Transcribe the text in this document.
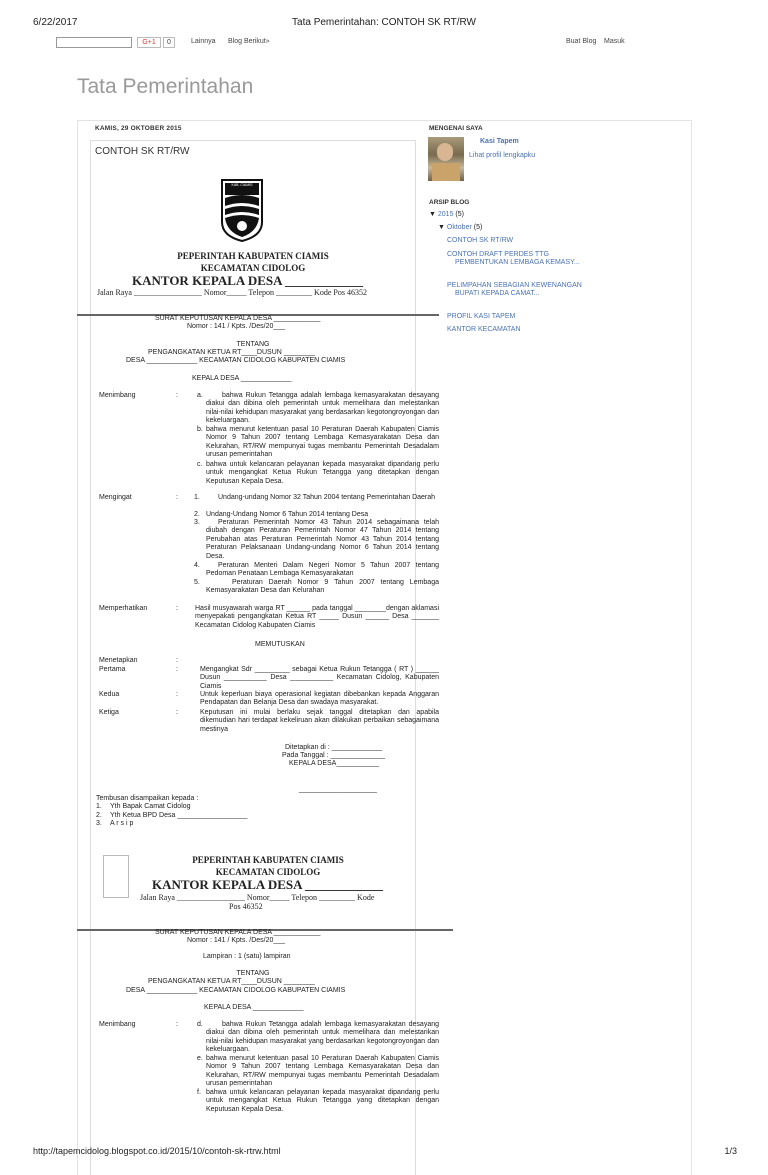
6/22/2017	Tata Pemerintahan: CONTOH SK RT/RW
G+1	0	Lainnya Blog Berikut»	Buat Blog Masuk
Tata Pemerintahan
KAMIS, 29 OKTOBER 2015
CONTOH SK RT/RW
MENGENAI SAYA
Kasi Tapem
Lihat profil lengkapku
ARSIP BLOG
▼ 2015 (5)
▼ Oktober (5)
CONTOH SK RT/RW
CONTOH DRAFT PERDES TTG PEMBENTUKAN LEMBAGA KEMASY...
PELIMPAHAN SEBAGIAN KEWENANGAN BUPATI KEPADA CAMAT...
PROFIL KASI TAPEM
KANTOR KECAMATAN
KAB. CIAMIS
PEPERINTAH KABUPATEN CIAMIS
KECAMATAN CIDOLOG
KANTOR KEPALA DESA ____________
Jalan Raya _________________ Nomor_____ Telepon _________ Kode Pos 46352
SURAT KEPUTUSAN KEPALA DESA ____________
Nomor : 141 / Kpts. /Des/20___
TENTANG
PENGANGKATAN KETUA RT____DUSUN ________
DESA _____________ KECAMATAN CIDOLOG KABUPATEN CIAMIS
KEPALA DESA _____________
Menimbang	:	a.	bahwa Rukun Tetangga adalah lembaga kemasyarakatan desayang diakui dan dibina oleh pemerintah untuk memelihara dan melestarikan nilai-nilai kehidupan masyarakat yang berdasarkan kegotongroyongan dan kekeluargaan.
b. bahwa menurut ketentuan pasal 10 Peraturan Daerah Kabupaten Ciamis Nomor 9 Tahun 2007 tentang Lembaga Kemasyarakatan Desa dan Kelurahan, RT/RW mempunyai tugas membantu Pemerintah Desadalam urusan pemerintahan
c. bahwa untuk kelancaran pelayanan kepada masyarakat dipandang perlu untuk mengangkat Ketua Rukun Tetangga yang ditetapkan dengan Keputusan Kepala Desa.
Mengingat	: 1.	Undang-undang Nomor 32 Tahun 2004 tentang Pemerintahan Daerah
2. Undang-Undang Nomor 6 Tahun 2014 tentang Desa
3.	Peraturan Pemerintah Nomor 43 Tahun 2014 sebagaimana telah diubah dengan Peraturan Pemerintah Nomor 47 Tahun 2014 tentang Perubahan atas Peraturan Pemerintah Nomor 43 Tahun 2014 tentang Peraturan Pelaksanaan Undang-undang Nomor 6 Tahun 2014 tentang Desa.
4.	Peraturan Menteri Dalam Negeri Nomor 5 Tahun 2007 tentang Pedoman Penataan Lembaga Kemasyarakatan
5.	Peraturan Daerah Nomor 9 Tahun 2007 tentang Lembaga Kemasyarakatan Desa dan Kelurahan
Memperhatikan	: Hasil musyawarah warga RT ______ pada tanggal ________dengan aklamasi menyepakati pengangkatan Ketua RT _____ Dusun ______ Desa _______ Kecamatan Cidolog Kabupaten Ciamis
MEMUTUSKAN
Menetapkan	:
Pertama	:	Mengangkat Sdr _________ sebagai Ketua Rukun Tetangga ( RT ) ______ Dusun ___________ Desa ___________ Kecamatan Cidolog, Kabupaten Ciamis
Kedua	:	Untuk keperluan biaya operasional kegiatan dibebankan kepada Anggaran Pendapatan dan Belanja Desa dan swadaya masyarakat.
Ketiga	:	Keputusan ini mulai berlaku sejak tanggal ditetapkan dan apabila dikemudian hari terdapat kekeliruan akan dilakukan perbaikan sebagaimana mestinya
Ditetapkan di : _____________
Pada Tanggal : ______________
KEPALA DESA___________
____________________
Tembusan disampaikan kepada :
1. Yth Bapak Camat Cidolog
2. Yth Ketua BPD Desa __________________
3. A r s i p
PEPERINTAH KABUPATEN CIAMIS
KECAMATAN CIDOLOG
KANTOR KEPALA DESA ____________
Jalan Raya _________________ Nomor_____ Telepon _________ Kode
Pos 46352
SURAT KEPUTUSAN KEPALA DESA ____________
Nomor : 141 / Kpts. /Des/20___
Lampiran : 1 (satu) lampiran
TENTANG
PENGANGKATAN KETUA RT____DUSUN ________
DESA _____________ KECAMATAN CIDOLOG KABUPATEN CIAMIS
KEPALA DESA _____________
Menimbang	:	d.	bahwa Rukun Tetangga adalah lembaga kemasyarakatan desayang diakui dan dibina oleh pemerintah untuk memelihara dan melestarikan nilai-nilai kehidupan masyarakat yang berdasarkan kegotongroyongan dan kekeluargaan.
e. bahwa menurut ketentuan pasal 10 Peraturan Daerah Kabupaten Ciamis Nomor 9 Tahun 2007 tentang Lembaga Kemasyarakatan Desa dan Kelurahan, RT/RW mempunyai tugas membantu Pemerintah Desadalam urusan pemerintahan
f. bahwa untuk kelancaran pelayanan kepada masyarakat dipandang perlu untuk mengangkat Ketua Rukun Tetangga yang ditetapkan dengan Keputusan Kepala Desa.
http://tapemcidolog.blogspot.co.id/2015/10/contoh-sk-rtrw.html	1/3
